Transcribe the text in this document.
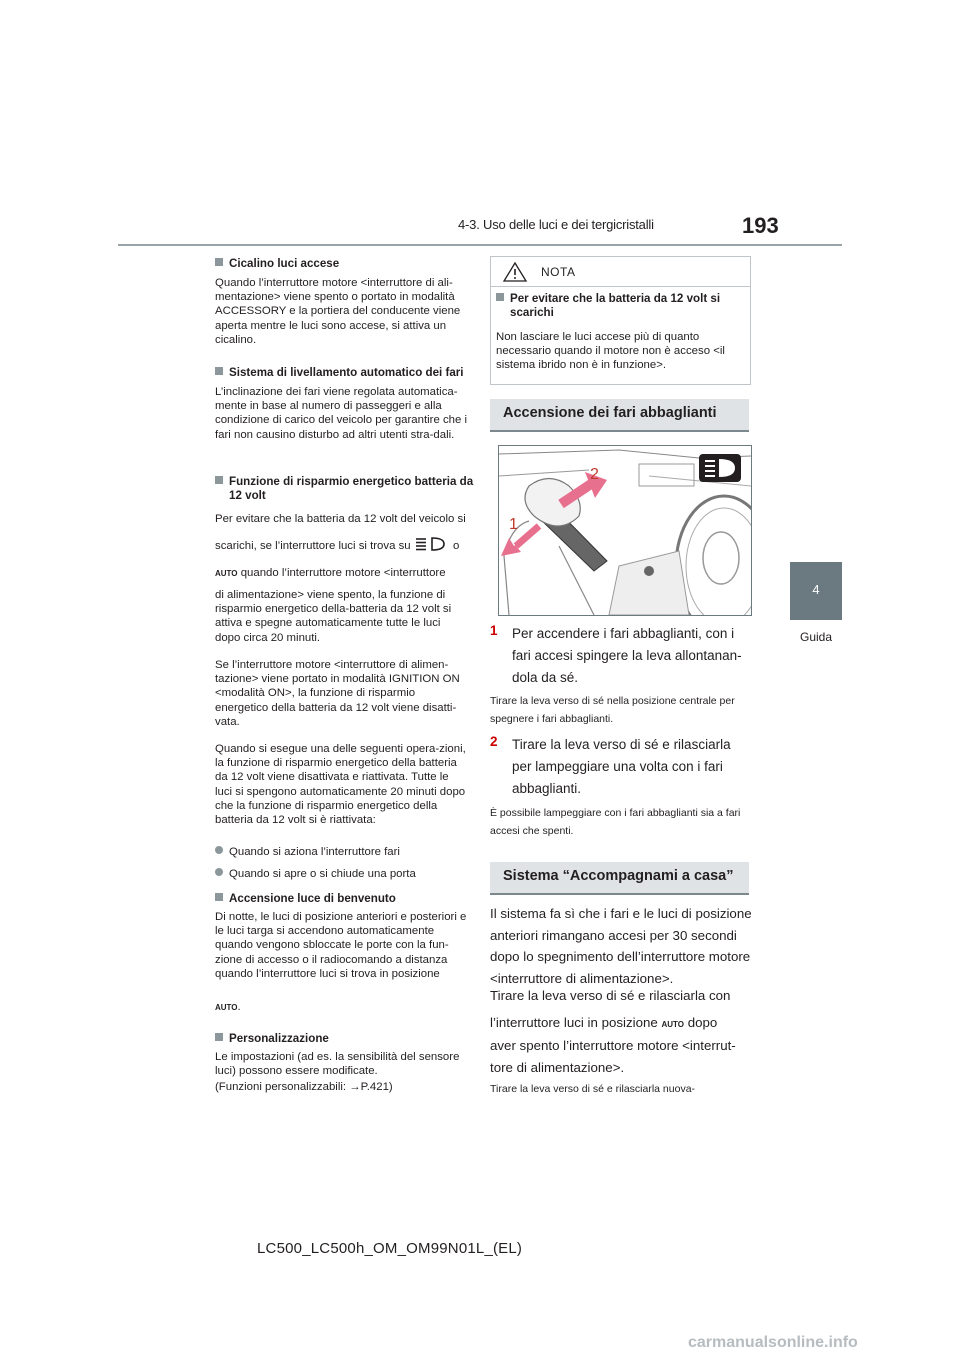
4-3. Uso delle luci e dei tergicristalli	193
4
Guida
Cicalino luci accese
Quando l’interruttore motore <interruttore di ali-mentazione> viene spento o portato in modalità ACCESSORY e la portiera del conducente viene aperta mentre le luci sono accese, si attiva un cicalino.
Sistema di livellamento automatico dei fari
L’inclinazione dei fari viene regolata automatica-mente in base al numero di passeggeri e alla condizione di carico del veicolo per garantire che i fari non causino disturbo ad altri utenti stra-dali.
Funzione di risparmio energetico batteria da 12 volt
Per evitare che la batteria da 12 volt del veicolo si
scarichi, se l’interruttore luci si trova su	o
AUTO quando l’interruttore motore <interruttore
di alimentazione> viene spento, la funzione di risparmio energetico della-batteria da 12 volt si attiva e spegne automaticamente tutte le luci dopo circa 20 minuti.
Se l’interruttore motore <interruttore di alimen-tazione> viene portato in modalità IGNITION ON <modalità ON>, la funzione di risparmio energetico della batteria da 12 volt viene disatti-vata.
Quando si esegue una delle seguenti opera-zioni, la funzione di risparmio energetico della batteria da 12 volt viene disattivata e riattivata. Tutte le luci si spengono automaticamente 20 minuti dopo che la funzione di risparmio energetico della batteria da 12 volt si è riattivata:
Quando si aziona l’interruttore fari
Quando si apre o si chiude una porta
Accensione luce di benvenuto
Di notte, le luci di posizione anteriori e posteriori e le luci targa si accendono automaticamente quando vengono sbloccate le porte con la fun-zione di accesso o il radiocomando a distanza quando l’interruttore luci si trova in posizione
AUTO.
Personalizzazione
Le impostazioni (ad es. la sensibilità del sensore luci) possono essere modificate.
(Funzioni personalizzabili: →P.421)
NOTA
Per evitare che la batteria da 12 volt si scarichi
Non lasciare le luci accese più di quanto necessario quando il motore non è acceso <il sistema ibrido non è in funzione>.
Accensione dei fari abbaglianti
2
1
1 Per accendere i fari abbaglianti, con i fari accesi spingere la leva allontanan-dola da sé.
Tirare la leva verso di sé nella posizione centrale per spegnere i fari abbaglianti.
2 Tirare la leva verso di sé e rilasciarla per lampeggiare una volta con i fari abbaglianti.
È possibile lampeggiare con i fari abbaglianti sia a fari accesi che spenti.
Sistema “Accompagnami a casa”
Il sistema fa sì che i fari e le luci di posizione anteriori rimangano accesi per 30 secondi dopo lo spegnimento dell’interruttore motore <interruttore di alimentazione>.
Tirare la leva verso di sé e rilasciarla con
l’interruttore luci in posizione AUTO dopo
aver spento l’interruttore motore <interrut-tore di alimentazione>.
Tirare la leva verso di sé e rilasciarla nuova-
LC500_LC500h_OM_OM99N01L_(EL)
carmanualsonline.info
